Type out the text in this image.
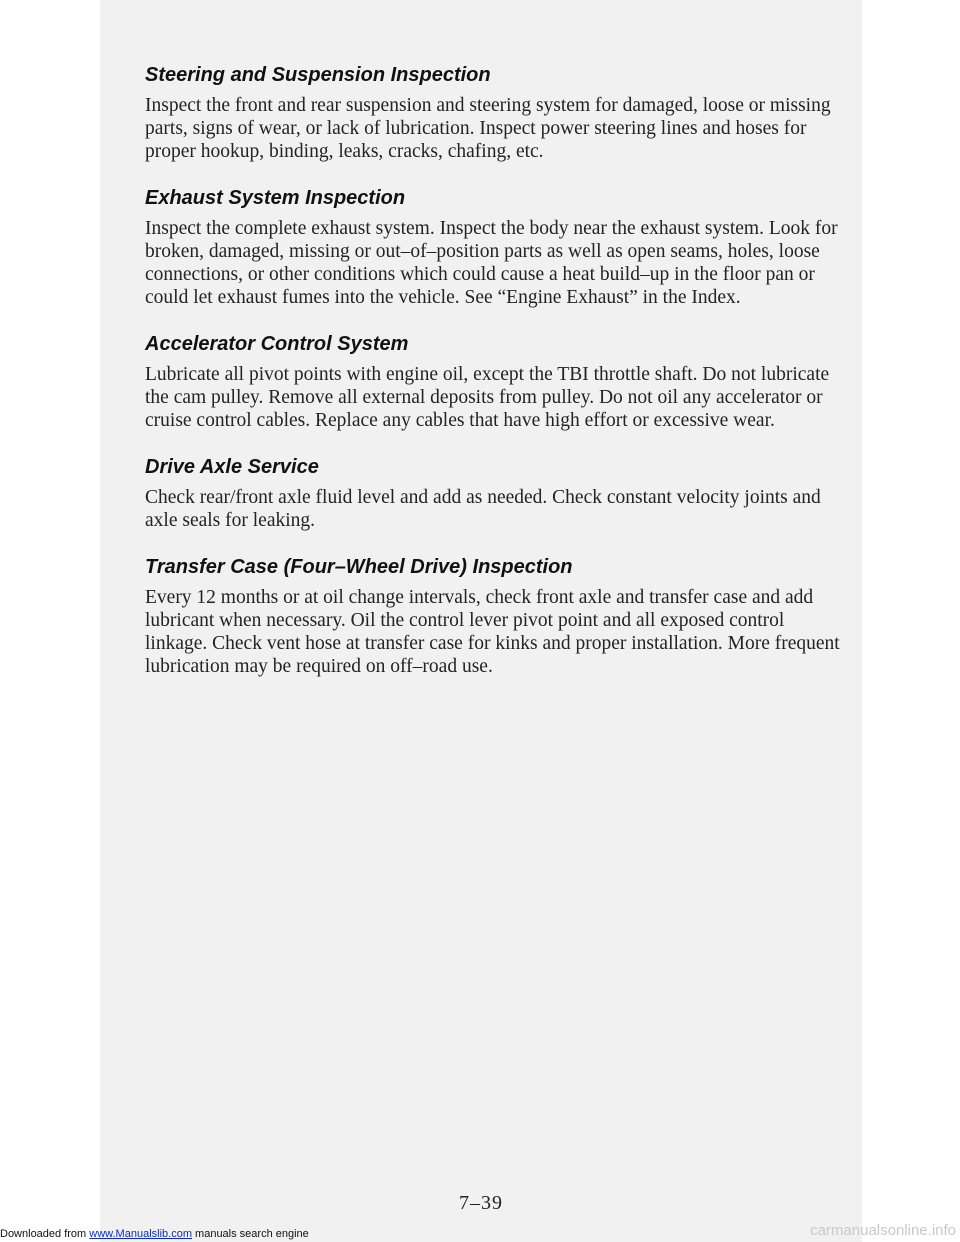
Steering and Suspension Inspection

Inspect the front and rear suspension and steering system for damaged, loose or missing parts, signs of wear, or lack of lubrication. Inspect power steering lines and hoses for proper hookup, binding, leaks, cracks, chafing, etc.

Exhaust System Inspection

Inspect the complete exhaust system. Inspect the body near the exhaust system. Look for broken, damaged, missing or out–of–position parts as well as open seams, holes, loose connections, or other conditions which could cause a heat build–up in the floor pan or could let exhaust fumes into the vehicle. See “Engine Exhaust” in the Index.

Accelerator Control System

Lubricate all pivot points with engine oil, except the TBI throttle shaft. Do not lubricate the cam pulley. Remove all external deposits from pulley. Do not oil any accelerator or cruise control cables. Replace any cables that have high effort or excessive wear.

Drive Axle Service

Check rear/front axle fluid level and add as needed. Check constant velocity joints and axle seals for leaking.

Transfer Case (Four–Wheel Drive) Inspection

Every 12 months or at oil change intervals, check front axle and transfer case and add lubricant when necessary. Oil the control lever pivot point and all exposed control linkage. Check vent hose at transfer case for kinks and proper installation. More frequent lubrication may be required on off–road use.

7–39
Downloaded from www.Manualslib.com manuals search engine	carmanualsonline.info
